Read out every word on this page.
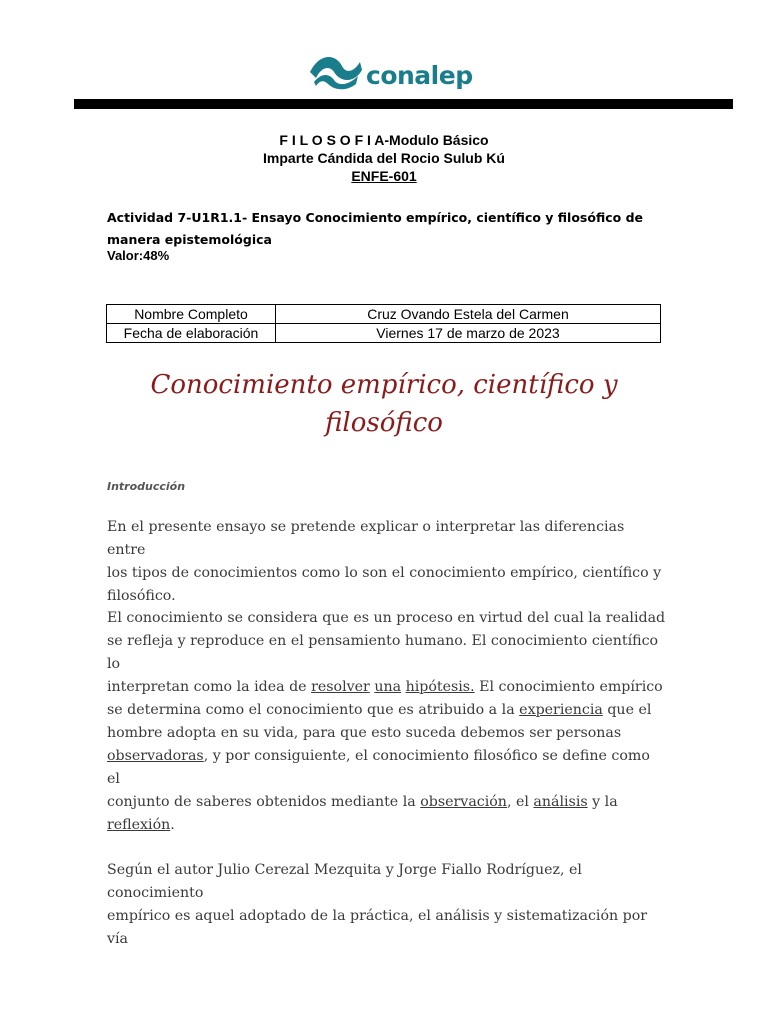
conalep
F I L O S O F I A-Modulo Básico
Imparte Cándida del Rocio Sulub Kú
ENFE-601
Actividad 7-U1R1.1- Ensayo Conocimiento empírico, científico y filosófico de
manera epistemológica
Valor:48%
Nombre Completo	Cruz Ovando Estela del Carmen
Fecha de elaboración	Viernes 17 de marzo de 2023
Conocimiento empírico, científico y
filosófico
Introducción
En el presente ensayo se pretende explicar o interpretar las diferencias entre
los tipos de conocimientos como lo son el conocimiento empírico, científico y
filosófico.
El conocimiento se considera que es un proceso en virtud del cual la realidad
se refleja y reproduce en el pensamiento humano. El conocimiento científico lo
interpretan como la idea de resolver una hipótesis. El conocimiento empírico
se determina como el conocimiento que es atribuido a la experiencia que el
hombre adopta en su vida, para que esto suceda debemos ser personas
observadoras, y por consiguiente, el conocimiento filosófico se define como el
conjunto de saberes obtenidos mediante la observación, el análisis y la
reflexión.
Según el autor Julio Cerezal Mezquita y Jorge Fiallo Rodríguez, el conocimiento
empírico es aquel adoptado de la práctica, el análisis y sistematización por vía
